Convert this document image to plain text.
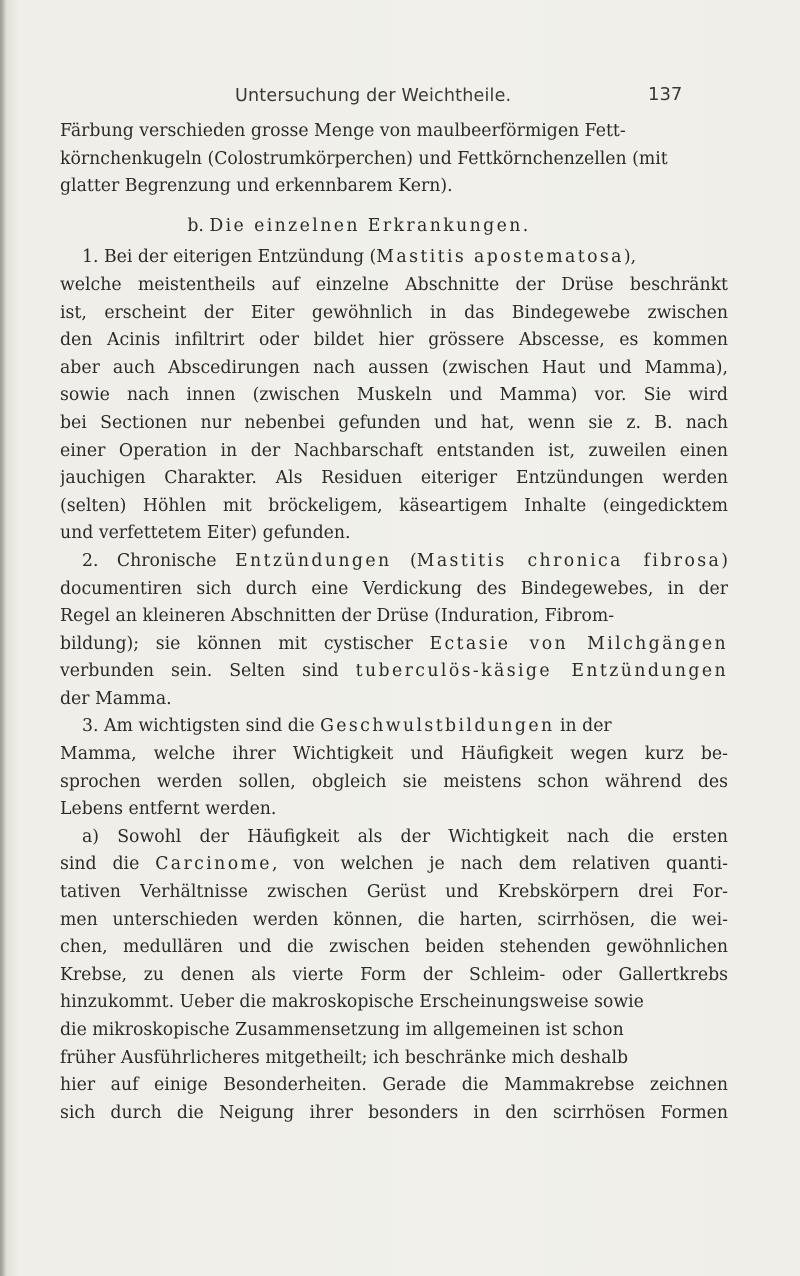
Untersuchung der Weichtheile.	137
Färbung verschieden grosse Menge von maulbeerförmigen Fett-
körnchenkugeln (Colostrumkörperchen) und Fettkörnchenzellen (mit
glatter Begrenzung und erkennbarem Kern).
b. Die einzelnen Erkrankungen.
1. Bei der eiterigen Entzündung (Mastitis apostematosa),
welche meistentheils auf einzelne Abschnitte der Drüse beschränkt
ist, erscheint der Eiter gewöhnlich in das Bindegewebe zwischen
den Acinis infiltrirt oder bildet hier grössere Abscesse, es kommen
aber auch Abscedirungen nach aussen (zwischen Haut und Mamma),
sowie nach innen (zwischen Muskeln und Mamma) vor. Sie wird
bei Sectionen nur nebenbei gefunden und hat, wenn sie z. B. nach
einer Operation in der Nachbarschaft entstanden ist, zuweilen einen
jauchigen Charakter. Als Residuen eiteriger Entzündungen werden
(selten) Höhlen mit bröckeligem, käseartigem Inhalte (eingedicktem
und verfettetem Eiter) gefunden.
2. Chronische Entzündungen (Mastitis chronica fibrosa)
documentiren sich durch eine Verdickung des Bindegewebes, in der
Regel an kleineren Abschnitten der Drüse (Induration, Fibrom-
bildung); sie können mit cystischer Ectasie von Milchgängen
verbunden sein. Selten sind tuberculös-käsige Entzündungen
der Mamma.
3. Am wichtigsten sind die Geschwulstbildungen in der
Mamma, welche ihrer Wichtigkeit und Häufigkeit wegen kurz be-
sprochen werden sollen, obgleich sie meistens schon während des
Lebens entfernt werden.
a) Sowohl der Häufigkeit als der Wichtigkeit nach die ersten
sind die Carcinome, von welchen je nach dem relativen quanti-
tativen Verhältnisse zwischen Gerüst und Krebskörpern drei For-
men unterschieden werden können, die harten, scirrhösen, die wei-
chen, medullären und die zwischen beiden stehenden gewöhnlichen
Krebse, zu denen als vierte Form der Schleim- oder Gallertkrebs
hinzukommt. Ueber die makroskopische Erscheinungsweise sowie
die mikroskopische Zusammensetzung im allgemeinen ist schon
früher Ausführlicheres mitgetheilt; ich beschränke mich deshalb
hier auf einige Besonderheiten. Gerade die Mammakrebse zeichnen
sich durch die Neigung ihrer besonders in den scirrhösen Formen
